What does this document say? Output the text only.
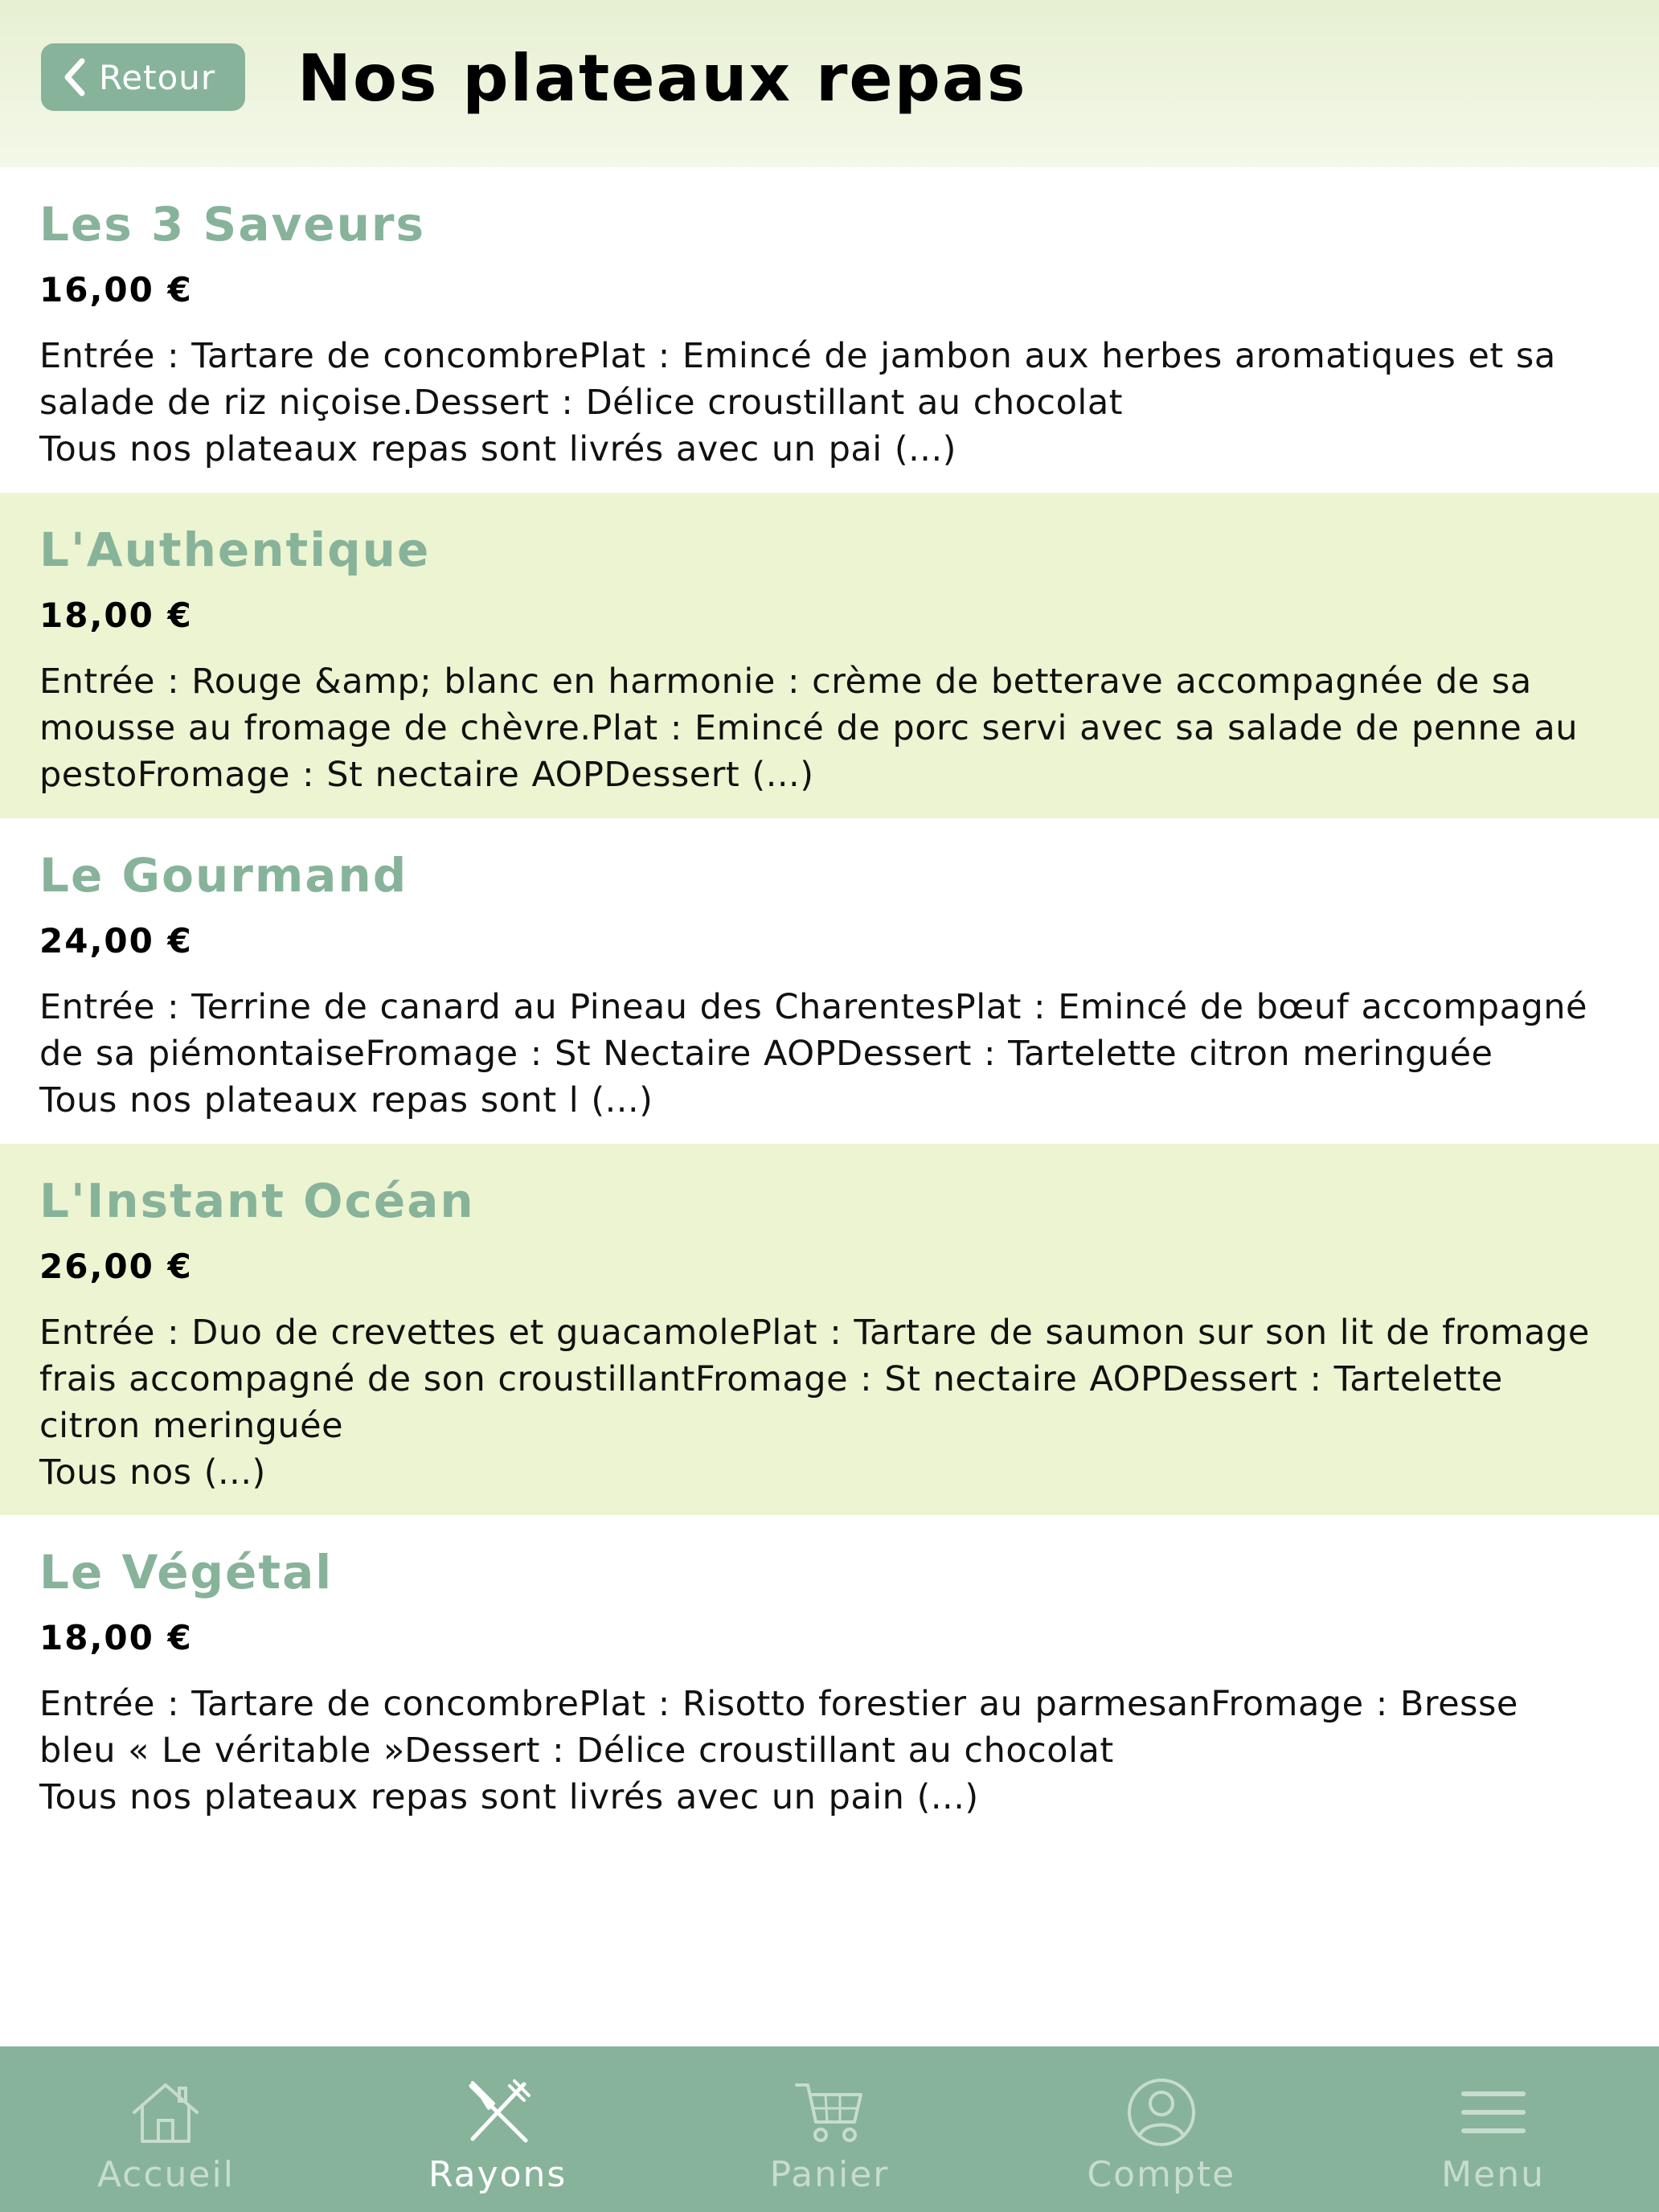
Retour Nos plateaux repas
Les 3 Saveurs
16,00 €
Entrée : Tartare de concombrePlat : Emincé de jambon aux herbes aromatiques et sa
salade de riz niçoise.Dessert : Délice croustillant au chocolat
Tous nos plateaux repas sont livrés avec un pai (...)
L'Authentique
18,00 €
Entrée : Rouge &amp; blanc en harmonie : crème de betterave accompagnée de sa
mousse au fromage de chèvre.Plat : Emincé de porc servi avec sa salade de penne au
pestoFromage : St nectaire AOPDessert (...)
Le Gourmand
24,00 €
Entrée : Terrine de canard au Pineau des CharentesPlat : Emincé de bœuf accompagné
de sa piémontaiseFromage : St Nectaire AOPDessert : Tartelette citron meringuée
Tous nos plateaux repas sont l (...)
L'Instant Océan
26,00 €
Entrée : Duo de crevettes et guacamolePlat : Tartare de saumon sur son lit de fromage
frais accompagné de son croustillantFromage : St nectaire AOPDessert : Tartelette
citron meringuée
Tous nos (...)
Le Végétal
18,00 €
Entrée : Tartare de concombrePlat : Risotto forestier au parmesanFromage : Bresse
bleu « Le véritable »Dessert : Délice croustillant au chocolat
Tous nos plateaux repas sont livrés avec un pain (...)
Accueil	Rayons	Panier	Compte	Menu
